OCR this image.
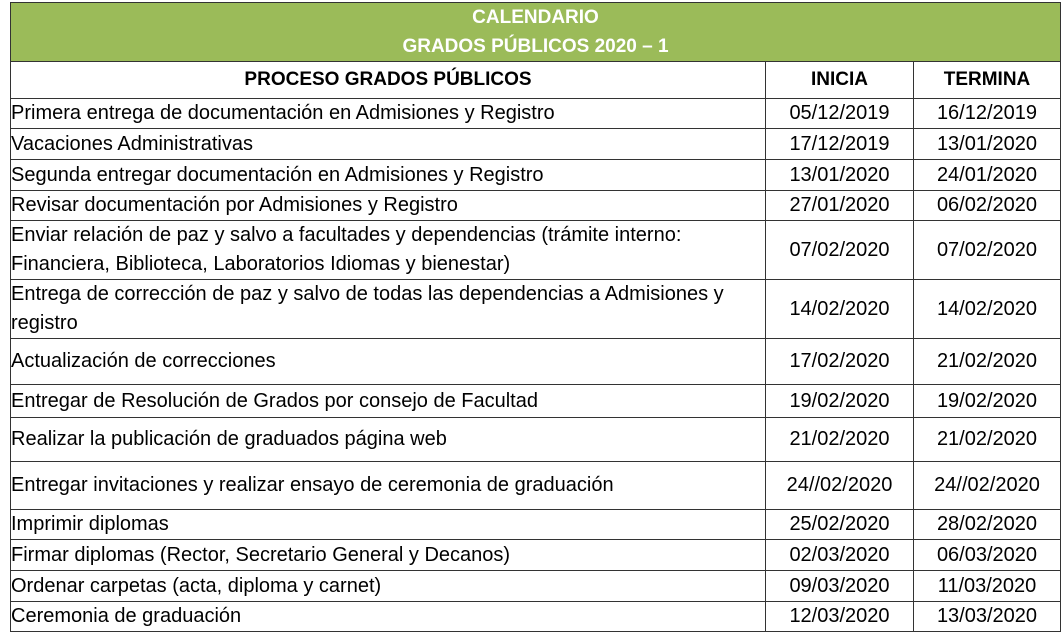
CALENDARIO
GRADOS PÚBLICOS 2020 – 1		

PROCESO GRADOS PÚBLICOS	INICIA	TERMINA
Primera entrega de documentación en Admisiones y Registro	05/12/2019	16/12/2019
Vacaciones Administrativas	17/12/2019	13/01/2020
Segunda entregar documentación en Admisiones y Registro	13/01/2020	24/01/2020
Revisar documentación por Admisiones y Registro	27/01/2020	06/02/2020
Enviar relación de paz y salvo a facultades y dependencias (trámite interno: Financiera, Biblioteca, Laboratorios Idiomas y bienestar)	07/02/2020	07/02/2020
Entrega de corrección de paz y salvo de todas las dependencias a Admisiones y registro	14/02/2020	14/02/2020
Actualización de correcciones	17/02/2020	21/02/2020
Entregar de Resolución de Grados por consejo de Facultad	19/02/2020	19/02/2020
Realizar la publicación de graduados página web	21/02/2020	21/02/2020
Entregar invitaciones y realizar ensayo de ceremonia de graduación	24//02/2020	24//02/2020
Imprimir diplomas	25/02/2020	28/02/2020
Firmar diplomas (Rector, Secretario General y Decanos)	02/03/2020	06/03/2020
Ordenar carpetas (acta, diploma y carnet)	09/03/2020	11/03/2020
Ceremonia de graduación	12/03/2020	13/03/2020
